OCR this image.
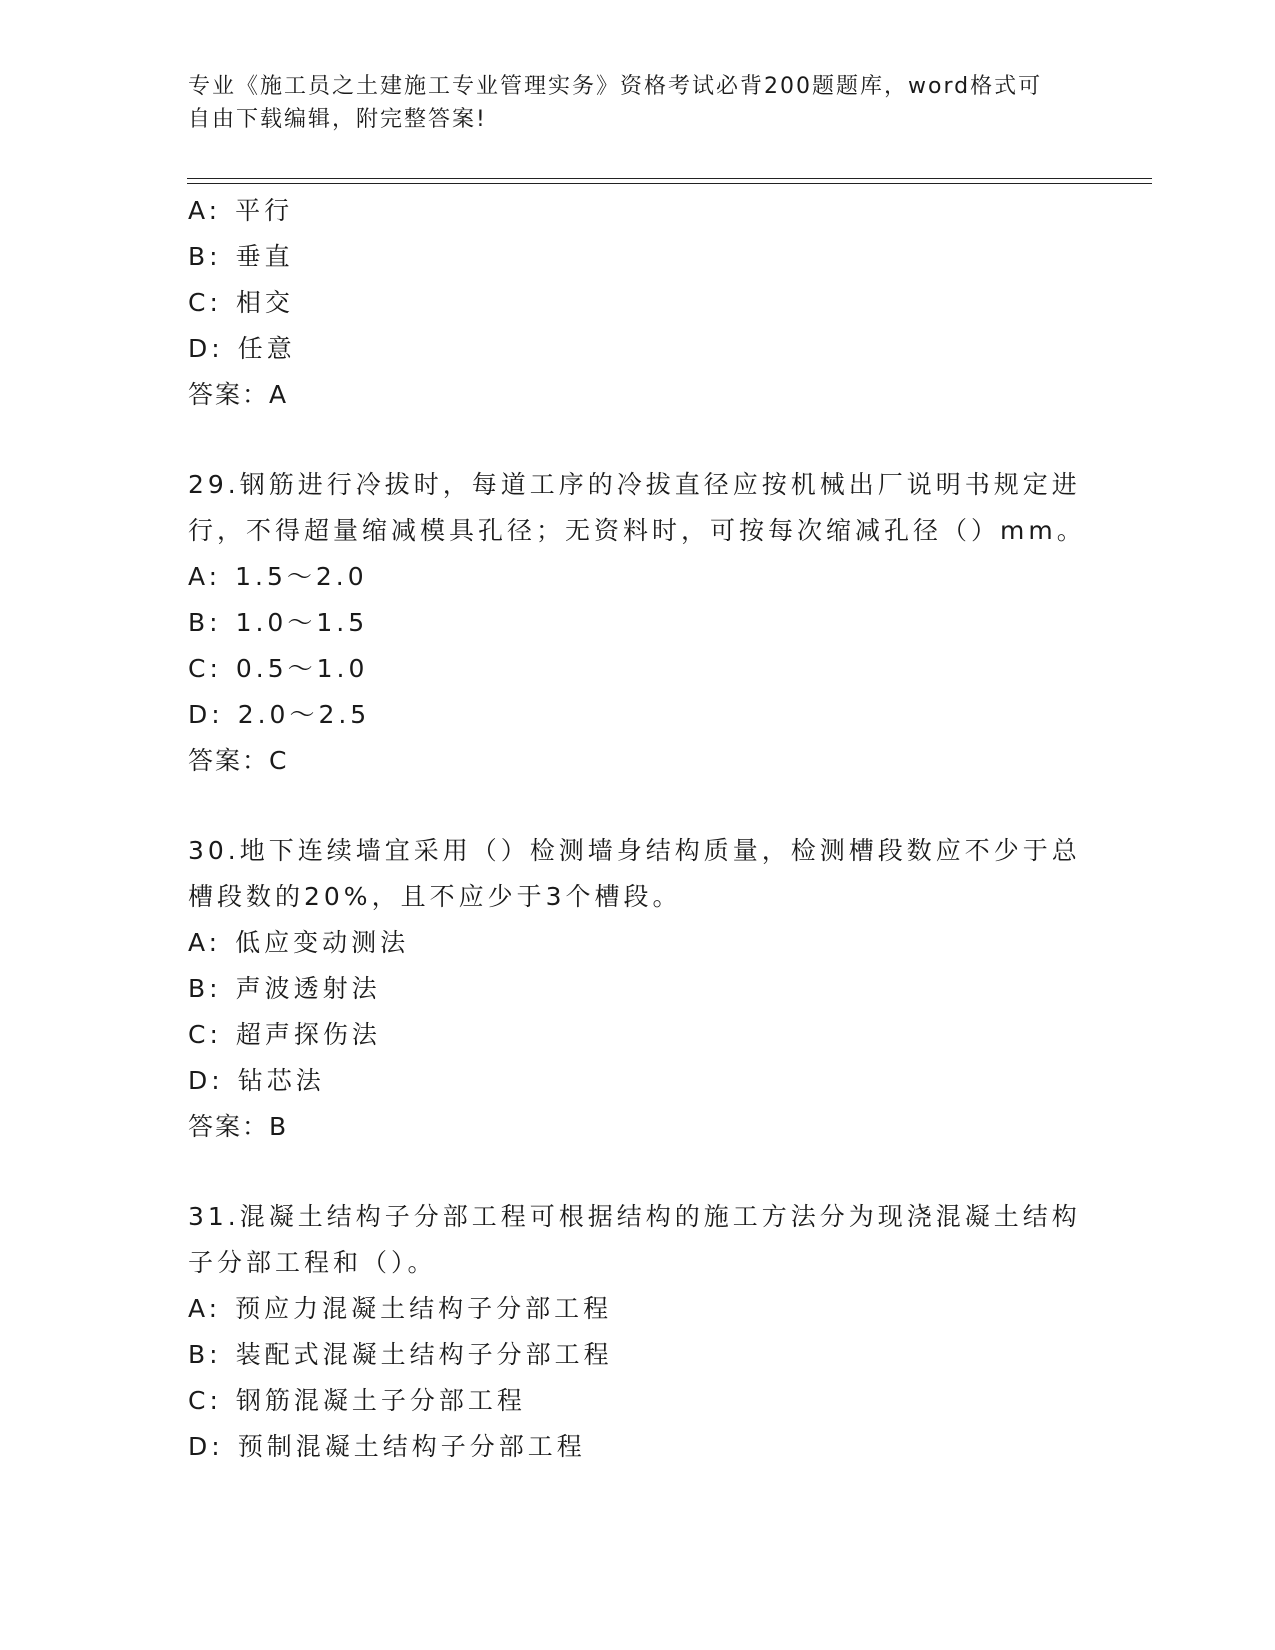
专业《施工员之土建施工专业管理实务》资格考试必背200题题库，word格式可
自由下载编辑，附完整答案!
A: 平行
B: 垂直
C: 相交
D: 任意
答案：A
29.钢筋进行冷拔时，每道工序的冷拔直径应按机械出厂说明书规定进
行，不得超量缩减模具孔径；无资料时，可按每次缩减孔径（）mm。
A: 1.5～2.0
B: 1.0～1.5
C: 0.5～1.0
D: 2.0～2.5
答案：C
30.地下连续墙宜采用（）检测墙身结构质量，检测槽段数应不少于总
槽段数的20%，且不应少于3个槽段。
A: 低应变动测法
B: 声波透射法
C: 超声探伤法
D: 钻芯法
答案：B
31.混凝土结构子分部工程可根据结构的施工方法分为现浇混凝土结构
子分部工程和（）。
A: 预应力混凝土结构子分部工程
B: 装配式混凝土结构子分部工程
C: 钢筋混凝土子分部工程
D: 预制混凝土结构子分部工程
